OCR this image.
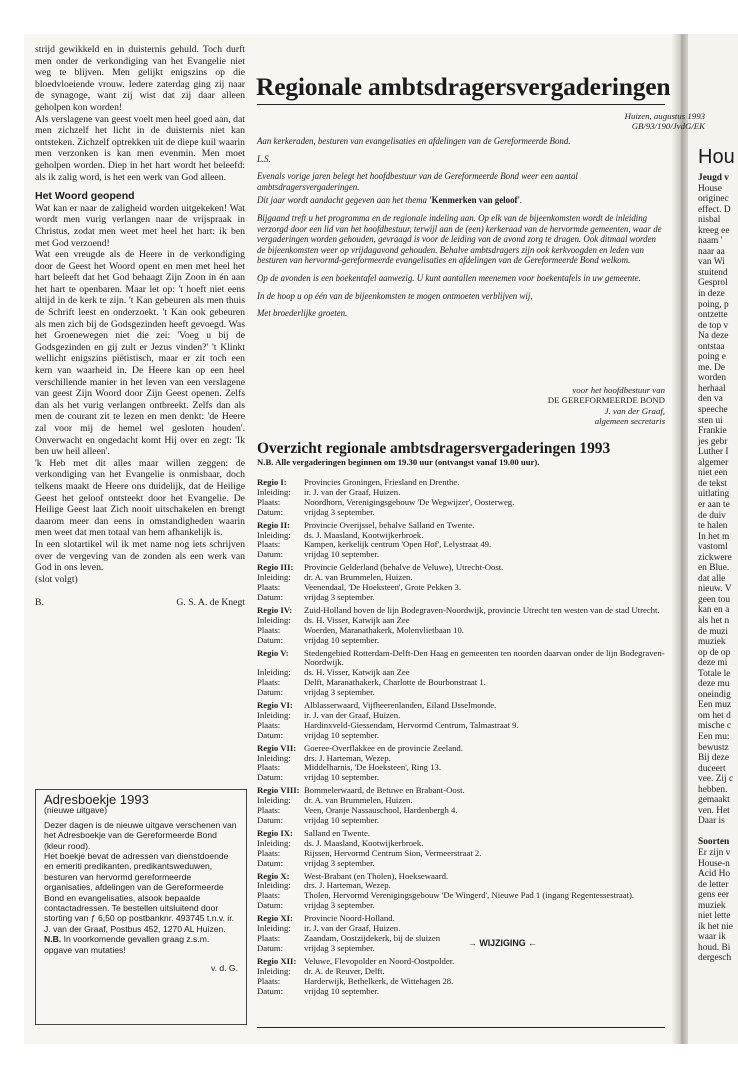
Hou
Jeugd v
House
originec
effect. D
nisbal
kreeg ee
naam '
naar aa
van Wi
stuitend
Gesprol
in deze
poing, p
ontzette
de top v
Na deze
ontstaa
poing e
me. De
worden
herhaal
den va
speeche
sten ui
Frankie
jes gebr
Luther I
algemer
niet een
de tekst
uitlating
er aan te
de duiv
te halen
In het m
vastoml
zickwere
en Blue.
dat alle
nieuw. V
geen tou
kan en a
als het n
de muzi
muziek
op de op
deze mi
Totale le
deze mu
oneindig
Een muz
om het d
mische c
Een mu:
bewustz
Bij deze
duceert
vee. Zij c
hebben.
gemaakt
ven. Het
Daar is
Soorten
Er zijn v
House-n
Acid Ho
de letter
gens eer
muziek
niet lette
ik het nie
waar ik
houd. Bi
dergesch

strijd gewikkeld en in duisternis gehuld. Toch durft men onder de verkondiging van het Evangelie niet weg te blijven. Men gelijkt enigszins op die bloedvloeiende vrouw. Iedere zaterdag ging zij naar de synagoge, want zij wist dat zij daar alleen geholpen kon worden!

Als verslagene van geest voelt men heel goed aan, dat men zichzelf het licht in de duisternis niet kan ontsteken. Zichzelf optrekken uit de diepe kuil waarin men verzonken is kan men evenmin. Men moet geholpen worden. Diep in het hart wordt het beleefd: als ik zalig word, is het een werk van God alleen.

Het Woord geopend

Wat kan er naar de zaligheid worden uitgekeken! Wat wordt men vurig verlangen naar de vrijspraak in Christus, zodat men weet met heel het hart: ik ben met God verzoend!

Wat een vreugde als de Heere in de verkondiging door de Geest het Woord opent en men met heel het hart beleeft dat het God behaagt Zijn Zoon in én aan het hart te openbaren. Maar let op: 't hoeft niet eens altijd in de kerk te zijn. 't Kan gebeuren als men thuis de Schrift leest en onderzoekt. 't Kan ook gebeuren als men zich bij de Godsgezinden heeft gevoegd. Was het Groenewegen niet die zei: 'Voeg u bij de Godsgezinden en gij zult er Jezus vinden?' 't Klinkt wellicht enigszins piëtistisch, maar er zit toch een kern van waarheid in. De Heere kan op een heel verschillende manier in het leven van een verslagene van geest Zijn Woord door Zijn Geest openen. Zelfs dan als het vurig verlangen ontbreekt. Zelfs dan als men de courant zit te lezen en men denkt: 'de Heere zal voor mij de hemel wel gesloten houden'. Onverwacht en ongedacht komt Hij over en zegt: 'Ik ben uw heil alleen'.

'k Heb met dit alles maar willen zeggen: de verkondiging van het Evangelie is onmisbaar, doch telkens maakt de Heere ons duidelijk, dat de Heilige Geest het geloof ontsteekt door het Evangelie. De Heilige Geest laat Zich nooit uitschakelen en brengt daarom meer dan eens in omstandigheden waarin men weet dat men totaal van hem afhankelijk is.

In een slotartikel wil ik met name nog iets schrijven over de vergeving van de zonden als een werk van God in ons leven.

(slot volgt)

B.	G. S. A. de Knegt
Adresboekje 1993
(nieuwe uitgave)

Dezer dagen is de nieuwe uitgave verschenen van het Adresboekje van de Gereformeerde Bond (kleur rood).

Het boekje bevat de adressen van dienstdoende en emeriti predikanten, predikantsweduwen, besturen van hervormd gereformeerde organisaties, afdelingen van de Gereformeerde Bond en evangelisaties, alsook bepaalde contactadressen. Te bestellen uitsluitend door storting van ƒ 6,50 op postbanknr. 493745 t.n.v. ir. J. van der Graaf, Postbus 452, 1270 AL Huizen.

N.B. In voorkomende gevallen graag z.s.m. opgave van mutaties!

v. d. G.
Regionale ambtsdragersvergaderingen
Huizen, augustus 1993
GB/93/190/JvdG/EK

Aan kerkeraden, besturen van evangelisaties en afdelingen van de Gereformeerde Bond.

L.S.

Evenals vorige jaren belegt het hoofdbestuur van de Gereformeerde Bond weer een aantal ambtsdragersvergaderingen.

Dit jaar wordt aandacht gegeven aan het thema 'Kenmerken van geloof'.

Bijgaand treft u het programma en de regionale indeling aan. Op elk van de bijeenkomsten wordt de inleiding verzorgd door een lid van het hoofdbestuur, terwijl aan de (een) kerkeraad van de hervormde gemeenten, waar de vergaderingen worden gehouden, gevraagd is voor de leiding van de avond zorg te dragen. Ook ditmaal worden de bijeenkomsten weer op vrijdagavond gehouden. Behalve ambtsdragers zijn ook kerkvoogden en leden van besturen van hervormd-gereformeerde evangelisaties en afdelingen van de Gereformeerde Bond welkom.

Op de avonden is een boekentafel aanwezig. U kunt aantallen meenemen voor boekentafels in uw gemeente.

In de hoop u op één van de bijeenkomsten te mogen ontmoeten verblijven wij,

Met broederlijke groeten.

voor het hoofdbestuur van
DE GEREFORMEERDE BOND
J. van der Graaf,
algemeen secretaris
Overzicht regionale ambtsdragersvergaderingen 1993
N.B. Alle vergaderingen beginnen om 19.30 uur (ontvangst vanaf 19.00 uur).
Regio I:	Provincies Groningen, Friesland en Drenthe.
Inleiding:	ir. J. van der Graaf, Huizen.
Plaats:	Noordhorn, Verenigingsgebouw 'De Wegwijzer', Oosterweg.
Datum:	vrijdag 3 september.
Regio II:	Provincie Overijssel, behalve Salland en Twente.
Inleiding:	ds. J. Maasland, Kootwijkerbroek.
Plaats:	Kampen, kerkelijk centrum 'Open Hof', Lelystraat 49.
Datum:	vrijdag 10 september.
Regio III:	Provincie Gelderland (behalve de Veluwe), Utrecht-Oost.
Inleiding:	dr. A. van Brummelen, Huizen.
Plaats:	Veenendaal, 'De Hoeksteen', Grote Pekken 3.
Datum:	vrijdag 3 september.
Regio IV:	Zuid-Holland boven de lijn Bodegraven-Noordwijk, provincie Utrecht ten westen van de stad Utrecht.
Inleiding:	ds. H. Visser, Katwijk aan Zee
Plaats:	Woerden, Maranathakerk, Molenvlietbaan 10.
Datum:	vrijdag 10 september.
Regio V:	Stedengebied Rotterdam-Delft-Den Haag en gemeenten ten noorden daarvan onder de lijn Bodegraven-Noordwijk.
Inleiding:	ds. H. Visser, Katwijk aan Zee
Plaats:	Delft, Maranathakerk, Charlotte de Bourbonstraat 1.
Datum:	vrijdag 3 september.
Regio VI:	Alblasserwaard, Vijfheerenlanden, Eiland IJsselmonde.
Inleiding:	ir. J. van der Graaf, Huizen.
Plaats:	Hardinxveld-Giessendam, Hervormd Centrum, Talmastraat 9.
Datum:	vrijdag 10 september.
Regio VII: Goeree-Overflakkee en de provincie Zeeland.
Inleiding:	drs. J. Harteman, Wezep.
Plaats:	Middelharnis, 'De Hoeksteen', Ring 13.
Datum:	vrijdag 10 september.
Regio VIII: Bommelerwaard, de Betuwe en Brabant-Oost.
Inleiding:	dr. A. van Brummelen, Huizen.
Plaats:	Veen, Oranje Nassauschool, Hardenbergh 4.
Datum:	vrijdag 10 september.
Regio IX:	Salland en Twente.
Inleiding:	ds. J. Maasland, Kootwijkerbroek.
Plaats:	Rijssen, Hervormd Centrum Sion, Vermeerstraat 2.
Datum:	vrijdag 3 september.
Regio X:	West-Brabant (en Tholen), Hoeksewaard.
Inleiding:	drs. J. Harteman, Wezep.
Plaats:	Tholen, Hervormd Verenigingsgebouw 'De Wingerd', Nieuwe Pad 1 (ingang Regentessestraat).
Datum:	vrijdag 3 september.
Regio XI:	Provincie Noord-Holland.
Inleiding:	ir. J. van der Graaf, Huizen.
Plaats:	Zaandam, Oostzijdekerk, bij de sluizen
Datum:	vrijdag 3 september.
Regio XII: Veluwe, Flevopolder en Noord-Oostpolder.
Inleiding:	dr. A. de Reuver, Delft.
Plaats:	Harderwijk, Bethelkerk, de Wittehagen 28.
Datum:	vrijdag 10 september.
→ WIJZIGING ←
